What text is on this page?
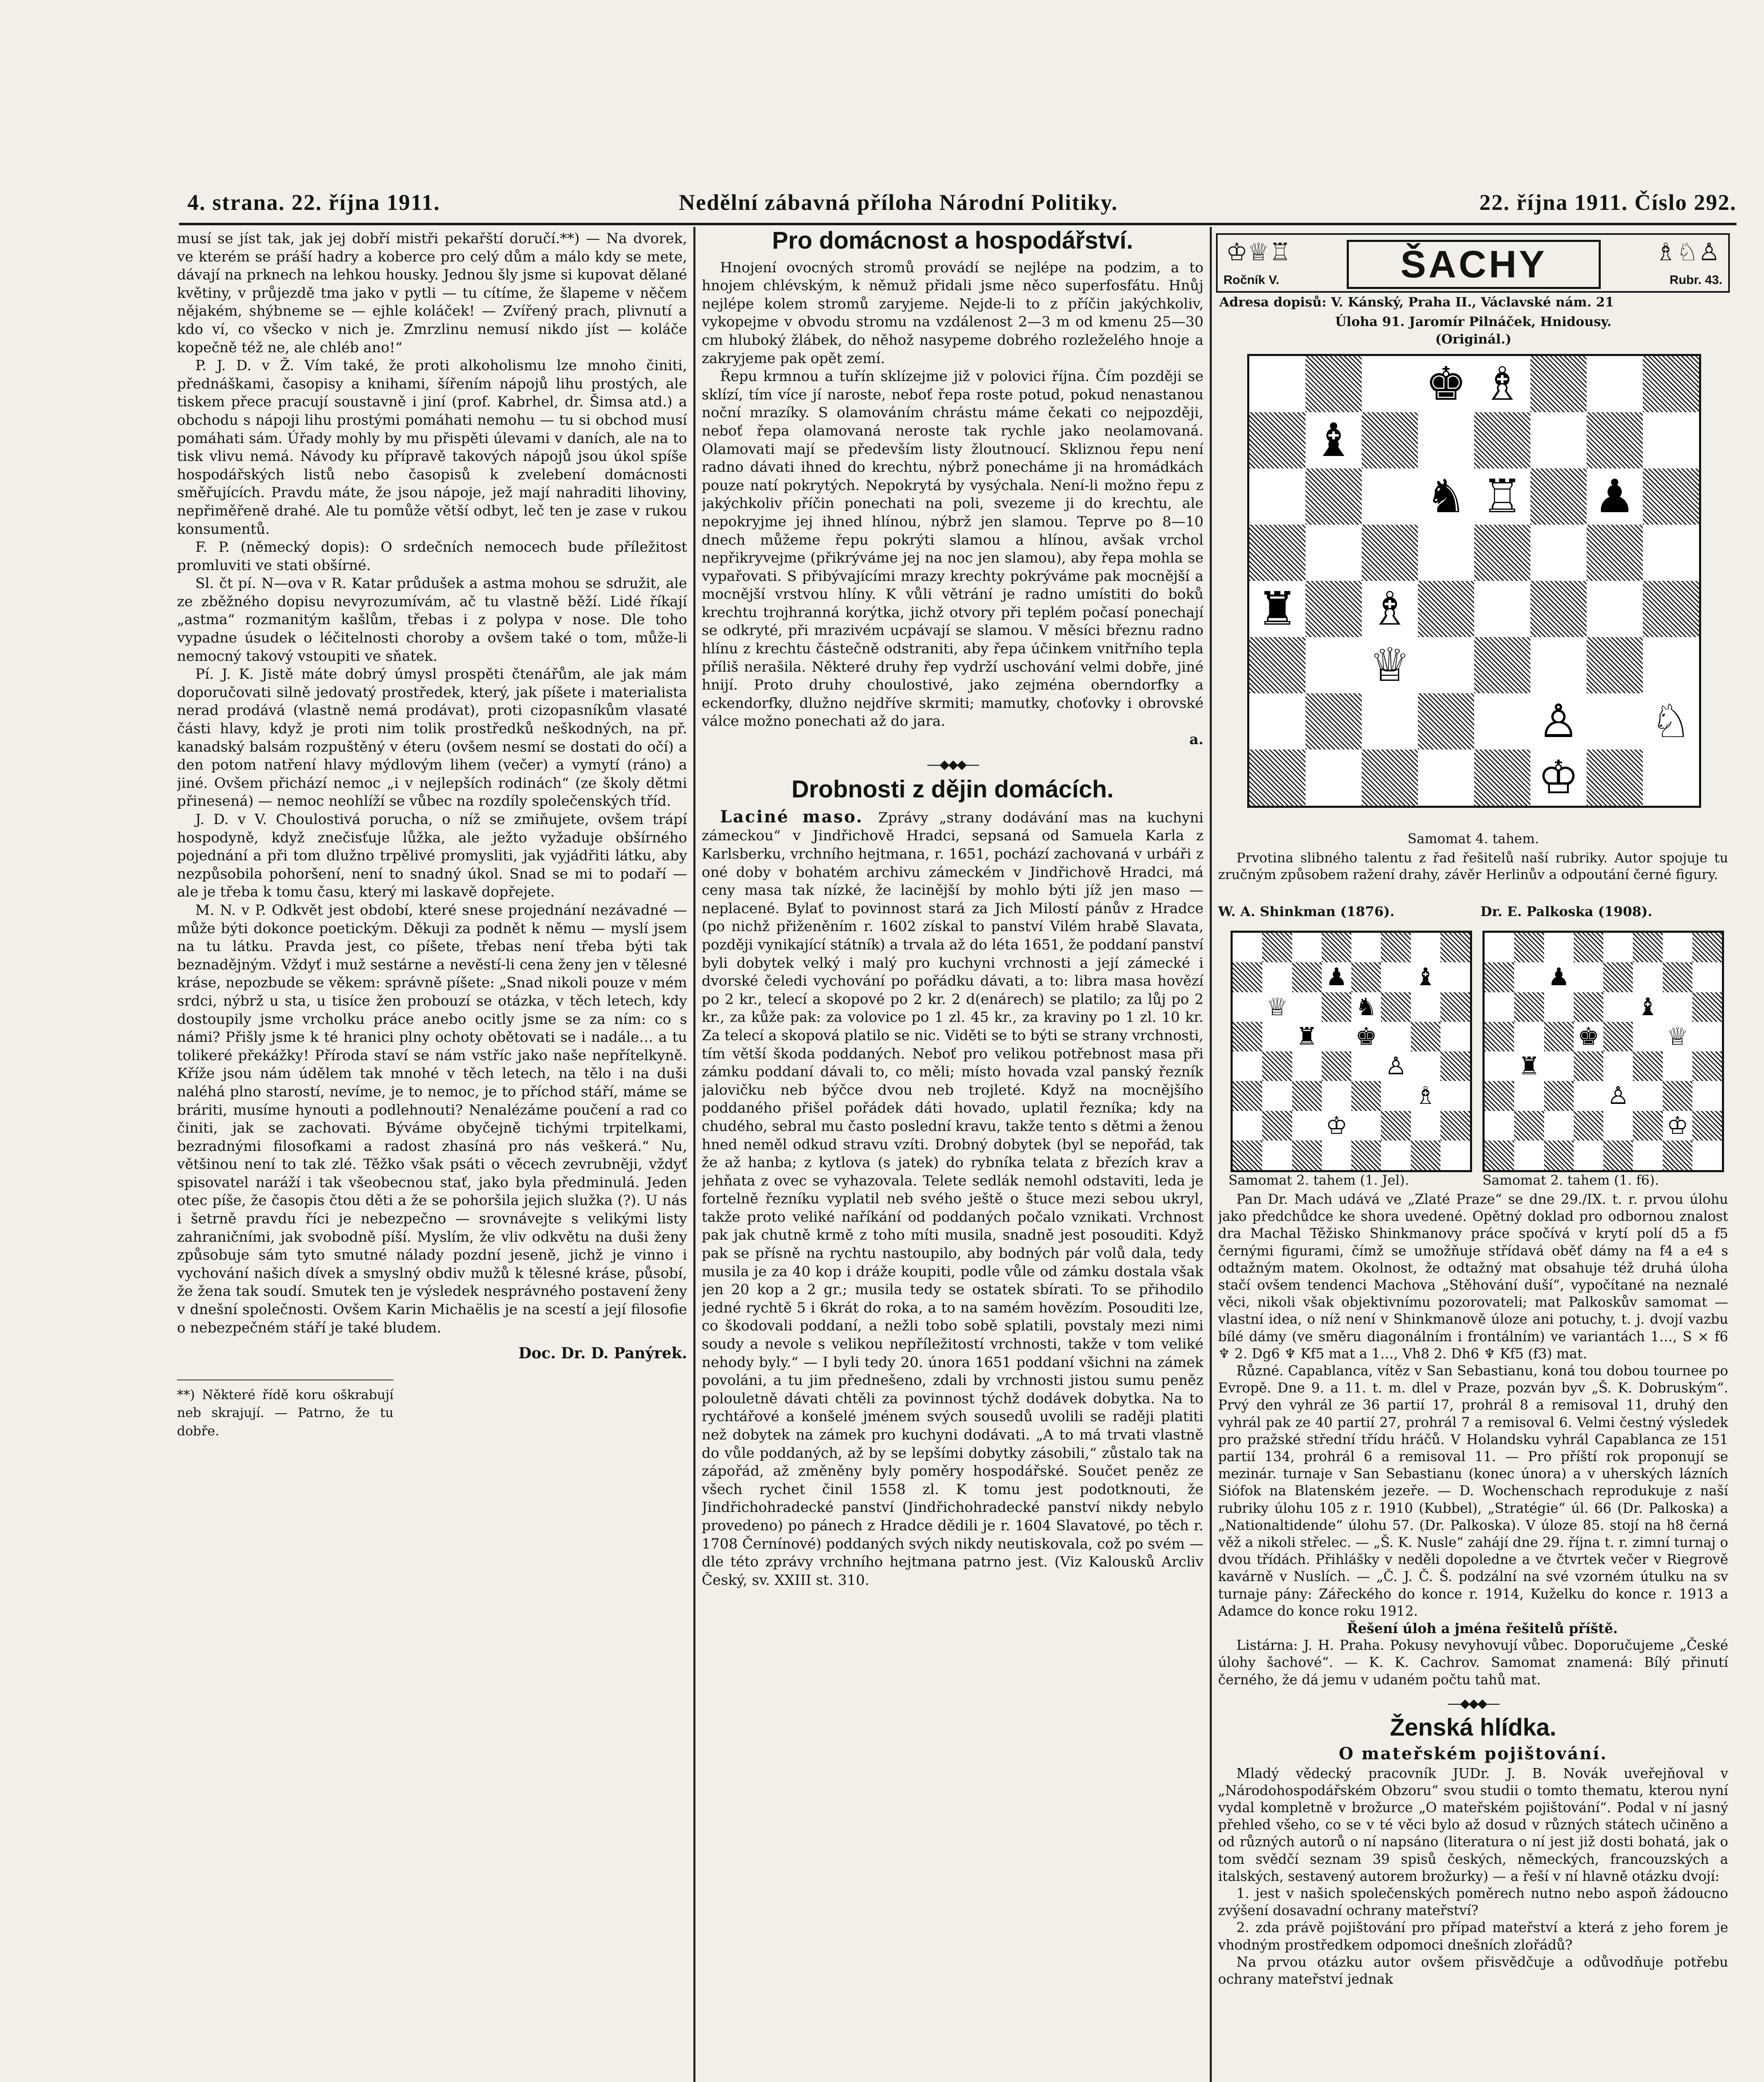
4. strana. 22. října 1911.	Nedělní zábavná příloha Národní Politiky.	22. října 1911. Číslo 292.

musí se jíst tak, jak jej dobří mistři pekařští doručí.**) — Na dvorek, ve kterém se práší hadry a koberce pro celý dům a málo kdy se mete, dávají na prknech na lehkou housky. Jednou šly jsme si kupovat dělané květiny, v průjezdě tma jako v pytli — tu cítíme, že šlapeme v něčem nějakém, shýbneme se — ejhle koláček! — Zvířený prach, plivnutí a kdo ví, co všecko v nich je. Zmrzlinu nemusí nikdo jíst — koláče kopečně též ne, ale chléb ano!“

P. J. D. v Ž. Vím také, že proti alkoholismu lze mnoho činiti, přednáškami, časopisy a knihami, šířením nápojů lihu prostých, ale tiskem přece pracují soustavně i jiní (prof. Kabrhel, dr. Šimsa atd.) a obchodu s nápoji lihu prostými pomáhati nemohu — tu si obchod musí pomáhati sám. Úřady mohly by mu přispěti úlevami v daních, ale na to tisk vlivu nemá. Návody ku přípravě takových nápojů jsou úkol spíše hospodářských listů nebo časopisů k zvelebení domácnosti směřujících. Pravdu máte, že jsou nápoje, jež mají nahraditi lihoviny, nepřiměřeně drahé. Ale tu pomůže větší odbyt, leč ten je zase v rukou konsumentů.

F. P. (německý dopis): O srdečních nemocech bude příležitost promluviti ve stati obšírné.

Sl. čt pí. N—ova v R. Katar průdušek a astma mohou se sdružit, ale ze zběžného dopisu nevyrozumívám, ač tu vlastně běží. Lidé říkají „astma“ rozmanitým kašlům, třebas i z polypa v nose. Dle toho vypadne úsudek o léčitelnosti choroby a ovšem také o tom, může-li nemocný takový vstoupiti ve sňatek.

Pí. J. K. Jistě máte dobrý úmysl prospěti čtenářům, ale jak mám doporučovati silně jedovatý prostředek, který, jak píšete i materialista nerad prodává (vlastně nemá prodávat), proti cizopasníkům vlasaté části hlavy, když je proti nim tolik prostředků neškodných, na př. kanadský balsám rozpuštěný v éteru (ovšem nesmí se dostati do očí) a den potom natření hlavy mýdlovým lihem (večer) a vymytí (ráno) a jiné. Ovšem přichází nemoc „i v nejlepších rodinách“ (ze školy dětmi přinesená) — nemoc neohlíží se vůbec na rozdíly společenských tříd.

J. D. v V. Choulostivá porucha, o níž se zmiňujete, ovšem trápí hospodyně, když znečisťuje lůžka, ale ježto vyžaduje obšírného pojednání a při tom dlužno trpělivé promysliti, jak vyjádřiti látku, aby nezpůsobila pohoršení, není to snadný úkol. Snad se mi to podaří — ale je třeba k tomu času, který mi laskavě dopřejete.

M. N. v P. Odkvět jest období, které snese projednání nezávadné — může býti dokonce poetickým. Děkuji za podnět k němu — myslí jsem na tu látku. Pravda jest, co píšete, třebas není třeba býti tak beznadějným. Vždyť i muž sestárne a nevěstí-li cena ženy jen v tělesné kráse, nepozbude se věkem: správně píšete: „Snad nikoli pouze v mém srdci, nýbrž u sta, u tisíce žen probouzí se otázka, v těch letech, kdy dostoupily jsme vrcholku práce anebo ocitly jsme se za ním: co s námi? Přišly jsme k té hranici plny ochoty obětovati se i nadále… a tu tolikeré překážky! Příroda staví se nám vstříc jako naše nepřítelkyně. Kříže jsou nám údělem tak mnohé v těch letech, na tělo i na duši naléhá plno starostí, nevíme, je to nemoc, je to příchod stáří, máme se bráriti, musíme hynouti a podlehnouti? Nenalézáme poučení a rad co činiti, jak se zachovati. Býváme obyčejně tichými trpitelkami, bezradnými filosofkami a radost zhasíná pro nás veškerá.“ Nu, většinou není to tak zlé. Těžko však psáti o věcech zevrubněji, vždyť spisovatel naráží i tak všeobecnou stať, jako byla předminulá. Jeden otec píše, že časopis čtou děti a že se pohoršila jejich služka (?). U nás i šetrně pravdu říci je nebezpečno — srovnávejte s velikými listy zahraničními, jak svobodně píší. Myslím, že vliv odkvětu na duši ženy způsobuje sám tyto smutné nálady pozdní jeseně, jichž je vinno i vychování našich dívek a smyslný obdiv mužů k tělesné kráse, působí, že žena tak soudí. Smutek ten je výsledek nesprávného postavení ženy v dnešní společnosti. Ovšem Karin Michaëlis je na scestí a její filosofie o nebezpečném stáří je také bludem.

Doc. Dr. D. Panýrek.
**) Některé řídě koru oškrabují neb skrajují. — Patrno, že tu dobře.
Pro domácnost a hospodářství.

Hnojení ovocných stromů provádí se nejlépe na podzim, a to hnojem chlévským, k němuž přidali jsme něco superfosfátu. Hnůj nejlépe kolem stromů zaryjeme. Nejde-li to z příčin jakýchkoliv, vykopejme v obvodu stromu na vzdálenost 2—3 m od kmenu 25—30 cm hluboký žlábek, do něhož nasypeme dobrého rozleželého hnoje a zakryjeme pak opět zemí.

Řepu krmnou a tuřín sklízejme již v polovici října. Čím později se sklízí, tím více jí naroste, neboť řepa roste potud, pokud nenastanou noční mrazíky. S olamováním chrástu máme čekati co nejpozději, neboť řepa olamovaná neroste tak rychle jako neolamovaná. Olamovati mají se především listy žloutnoucí. Skliznou řepu není radno dávati ihned do krechtu, nýbrž ponecháme ji na hromádkách pouze natí pokrytých. Nepokrytá by vysýchala. Není-li možno řepu z jakýchkoliv příčin ponechati na poli, svezeme ji do krechtu, ale nepokryjme jej ihned hlínou, nýbrž jen slamou. Teprve po 8—10 dnech můžeme řepu pokrýti slamou a hlínou, avšak vrchol nepřikryvejme (přikrýváme jej na noc jen slamou), aby řepa mohla se vypařovati. S přibývajícími mrazy krechty pokrýváme pak mocnější a mocnější vrstvou hlíny. K vůli větrání je radno umístiti do boků krechtu trojhranná korýtka, jichž otvory při teplém počasí ponechají se odkryté, při mrazivém ucpávají se slamou. V měsíci březnu radno hlínu z krechtu částečně odstraniti, aby řepa účinkem vnitřního tepla příliš nerašila. Některé druhy řep vydrží uschování velmi dobře, jiné hnijí. Proto druhy choulostivé, jako zejména oberndorfky a eckendorfky, dlužno nejdříve skrmiti; mamutky, choťovky i obrovské válce možno ponechati až do jara.

a.
—⬥⬥⬥—
Drobnosti z dějin domácích.

Laciné maso. Zprávy „strany dodávání mas na kuchyni zámeckou“ v Jindřichově Hradci, sepsaná od Samuela Karla z Karlsberku, vrchního hejtmana, r. 1651, pochází zachovaná v urbáři z oné doby v bohatém archivu zámeckém v Jindřichově Hradci, má ceny masa tak nízké, že lacinější by mohlo býti jíž jen maso — neplacené. Bylať to povinnost stará za Jich Milostí pánův z Hradce (po nichž přiženěním r. 1602 získal to panství Vilém hrabě Slavata, později vynikající státník) a trvala až do léta 1651, že poddaní panství byli dobytek velký i malý pro kuchyni vrchnosti a její zámecké i dvorské čeledi vychování po pořádku dávati, a to: libra masa hovězí po 2 kr., telecí a skopové po 2 kr. 2 d(enárech) se platilo; za lůj po 2 kr., za kůže pak: za volovice po 1 zl. 45 kr., za kraviny po 1 zl. 10 kr. Za telecí a skopová platilo se nic. Viděti se to býti se strany vrchnosti, tím větší škoda poddaných. Neboť pro velikou potřebnost masa při zámku poddaní dávali to, co měli; místo hovada vzal panský řezník jalovičku neb býčce dvou neb trojleté. Když na mocnějšího poddaného přišel pořádek dáti hovado, uplatil řezníka; kdy na chudého, sebral mu často poslední kravu, takže tento s dětmi a ženou hned neměl odkud stravu vzíti. Drobný dobytek (byl se nepořád, tak že až hanba; z kytlova (s jatek) do rybníka telata z březích krav a jehňata z ovec se vyhazovala. Telete sedlák nemohl odstaviti, leda je fortelně řezníku vyplatil neb svého ještě o štuce mezi sebou ukryl, takže proto veliké naříkání od poddaných počalo vznikati. Vrchnost pak jak chutně krmě z toho míti musila, snadně jest posouditi. Když pak se přísně na rychtu nastoupilo, aby bodných pár volů dala, tedy musila je za 40 kop i dráže koupiti, podle vůle od zámku dostala však jen 20 kop a 2 gr.; musila tedy se ostatek sbírati. To se přihodilo jedné rychtě 5 i 6krát do roka, a to na samém hovězím. Posouditi lze, co škodovali poddaní, a nežli tobo sobě splatili, povstaly mezi nimi soudy a nevole s velikou nepříležitostí vrchnosti, takže v tom veliké nehody byly.“ — I byli tedy 20. února 1651 poddaní všichni na zámek povoláni, a tu jim přednešeno, zdali by vrchnosti jistou sumu peněz polouletně dávati chtěli za povinnost týchž dodávek dobytka. Na to rychtářové a konšelé jménem svých sousedů uvolili se raději platiti než dobytek na zámek pro kuchyni dodávati. „A to má trvati vlastně do vůle poddaných, až by se lepšími dobytky zásobili,“ zůstalo tak na zápořád, až změněny byly poměry hospodářské. Součet peněz ze všech rychet činil 1558 zl. K tomu jest podotknouti, že Jindřichohradecké panství (Jindřichohradecké panství nikdy nebylo provedeno) po pánech z Hradce dědili je r. 1604 Slavatové, po těch r. 1708 Černínové) poddaných svých nikdy neutiskovala, což po svém — dle této zprávy vrchního hejtmana patrno jest. (Viz Kalousků Arcliv Český, sv. XXIII st. 310.

♔♕♖	ŠACHY	♗♘♙
Ročník V.	Rubr. 43.
Adresa dopisů: V. Kánský, Praha II., Václavské nám. 21
Úloha 91. Jaromír Pilnáček, Hnidousy.
(Originál.)
♚ ♗
♝
♞ ♖ ♟
♜ ♗
♕
♙ ♘
♔
Samomat 4. tahem.

Prvotina slibného talentu z řad řešitelů naší rubriky. Autor spojuje tu zručným způsobem ražení drahy, závěr Herlinův a odpoutání černé figury.

W. A. Shinkman (1876).	Dr. E. Palkoska (1908).
♟	♝
♕	♞
♜ ♚
♙
♗
♔
♟
♝
♚	♕
♜
♙
♔
Samomat 2. tahem (1. Jel).	Samomat 2. tahem (1. f6).

Pan Dr. Mach udává ve „Zlaté Praze“ se dne 29./IX. t. r. prvou úlohu jako předchůdce ke shora uvedené. Opětný doklad pro odbornou znalost dra Machal Těžisko Shinkmanovy práce spočívá v krytí polí d5 a f5 černými figurami, čímž se umožňuje střídavá oběť dámy na f4 a e4 s odtažným matem. Okolnost, že odtažný mat obsahuje též druhá úloha stačí ovšem tendenci Machova „Stěhování duší“, vypočítané na neznalé věci, nikoli však objektivnímu pozorovateli; mat Palkoskův samomat — vlastní idea, o níž není v Shinkmanově úloze ani potuchy, t. j. dvojí vazbu bílé dámy (ve směru diagonálním i frontálním) ve variantách 1…, S × f6 ♆ 2. Dg6 ♆ Kf5 mat a 1…, Vh8 2. Dh6 ♆ Kf5 (f3) mat.

Různé. Capablanca, vítěz v San Sebastianu, koná tou dobou tournee po Evropě. Dne 9. a 11. t. m. dlel v Praze, pozván byv „Š. K. Dobruským“. Prvý den vyhrál ze 36 partií 17, prohrál 8 a remisoval 11, druhý den vyhrál pak ze 40 partií 27, prohrál 7 a remisoval 6. Velmi čestný výsledek pro pražské střední třídu hráčů. V Holandsku vyhrál Capablanca ze 151 partií 134, prohrál 6 a remisoval 11. — Pro příští rok proponují se mezinár. turnaje v San Sebastianu (konec února) a v uherských lázních Siófok na Blatenském jezeře. — D. Wochenschach reprodukuje z naší rubriky úlohu 105 z r. 1910 (Kubbel), „Stratégie“ úl. 66 (Dr. Palkoska) a „Nationaltidende“ úlohu 57. (Dr. Palkoska). V úloze 85. stojí na h8 černá věž a nikoli střelec. — „Š. K. Nusle“ zahájí dne 29. října t. r. zimní turnaj o dvou třídách. Přihlášky v neděli dopoledne a ve čtvrtek večer v Riegrově kavárně v Nuslích. — „Č. J. Č. Š. podzální na své vzorném útulku na sv turnaje pány: Zářeckého do konce r. 1914, Kuželku do konce r. 1913 a Adamce do konce roku 1912.

Řešení úloh a jména řešitelů příště.

Listárna: J. H. Praha. Pokusy nevyhovují vůbec. Doporučujeme „České úlohy šachové“. — K. K. Cachrov. Samomat znamená: Bílý přinutí černého, že dá jemu v udaném počtu tahů mat.

—⬥⬥⬥—
Ženská hlídka.
O mateřském pojištování.

Mladý vědecký pracovník JUDr. J. B. Novák uveřejňoval v „Národohospodářském Obzoru“ svou studii o tomto thematu, kterou nyní vydal kompletně v brožurce „O mateřském pojištování“. Podal v ní jasný přehled všeho, co se v té věci bylo až dosud v různých státech učiněno a od různých autorů o ní napsáno (literatura o ní jest již dosti bohatá, jak o tom svědčí seznam 39 spisů českých, německých, francouzských a italských, sestavený autorem brožurky) — a řeší v ní hlavně otázku dvojí:

1. jest v našich společenských poměrech nutno nebo aspoň žádoucno zvýšení dosavadní ochrany mateřství?

2. zda právě pojištování pro případ mateřství a která z jeho forem je vhodným prostředkem odpomoci dnešních zlořádů?

Na prvou otázku autor ovšem přisvědčuje a odůvodňuje potřebu ochrany mateřství jednak
